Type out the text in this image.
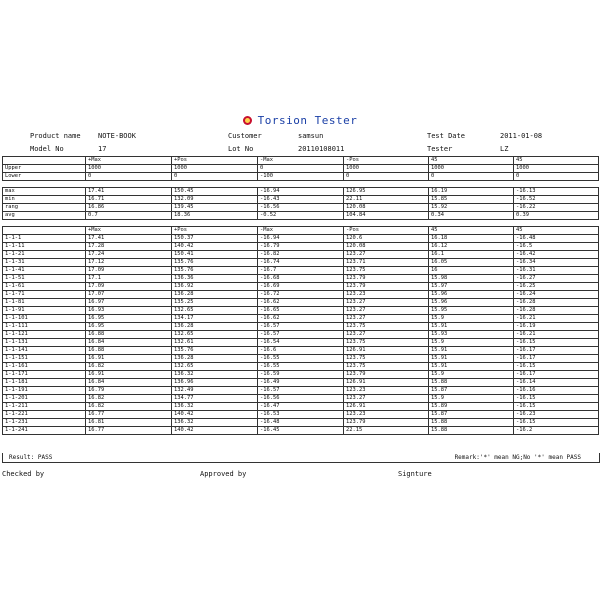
Torsion Tester
Product name NOTE-BOOK	Customer	samsun	Test Date	2011-01-08
Model No	17	Lot No	20110108011	Tester	LZ
	+Max	+Pos	-Max	-Pos	45	45
Upper	1000	1000	0	1000	1000	1000
Lower	0	0	-100	0	0	0
max	17.41	150.45	-16.94	126.95	16.19	-16.13
min	16.71	132.09	-16.43	22.11	15.85	-16.52
rang	16.86	139.45	-16.56	120.08	15.92	-16.22
avg	0.7	18.36	-0.52	104.84	0.34	0.39
	+Max	+Pos	-Max	-Pos	45	45
1-1-1	17.41	150.37	-16.94	120.6	16.18	-16.48
1-1-11	17.28	140.42	-16.79	120.08	16.12	-16.5
1-1-21	17.24	150.41	-16.82	123.27	16.1	-16.42
1-1-31	17.12	135.76	-16.74	123.71	16.05	-16.34
1-1-41	17.09	135.76	-16.7	123.75	16	-16.31
1-1-51	17.1	136.36	-16.68	123.79	15.98	-16.27
1-1-61	17.09	136.92	-16.69	123.79	15.97	-16.25
1-1-71	17.07	136.28	-16.72	123.23	15.96	-16.24
1-1-81	16.97	135.25	-16.62	123.27	15.96	-16.28
1-1-91	16.93	132.65	-16.65	123.27	15.95	-16.28
1-1-101	16.95	134.17	-16.62	123.27	15.9	-16.21
1-1-111	16.95	136.28	-16.57	123.75	15.91	-16.19
1-1-121	16.88	132.65	-16.57	123.27	15.93	-16.21
1-1-131	16.84	132.61	-16.54	123.75	15.9	-16.15
1-1-141	16.88	135.76	-16.6	126.91	15.91	-16.17
1-1-151	16.91	136.28	-16.55	123.75	15.91	-16.17
1-1-161	16.82	132.65	-16.55	123.75	15.91	-16.15
1-1-171	16.91	136.32	-16.59	123.79	15.9	-16.17
1-1-181	16.84	136.96	-16.49	126.91	15.88	-16.14
1-1-191	16.79	132.49	-16.57	123.23	15.87	-16.16
1-1-201	16.82	134.77	-16.56	123.27	15.9	-16.15
1-1-211	16.82	136.32	-16.47	126.91	15.89	-16.15
1-1-221	16.77	140.42	-16.53	123.23	15.87	-16.23
1-1-231	16.81	136.32	-16.48	123.79	15.88	-16.15
1-1-241	16.77	140.42	-16.45	22.15	15.88	-16.2
Result: PASS	Remark:'*' mean NG;No '*' mean PASS
Checked by	Approved by	Signture
